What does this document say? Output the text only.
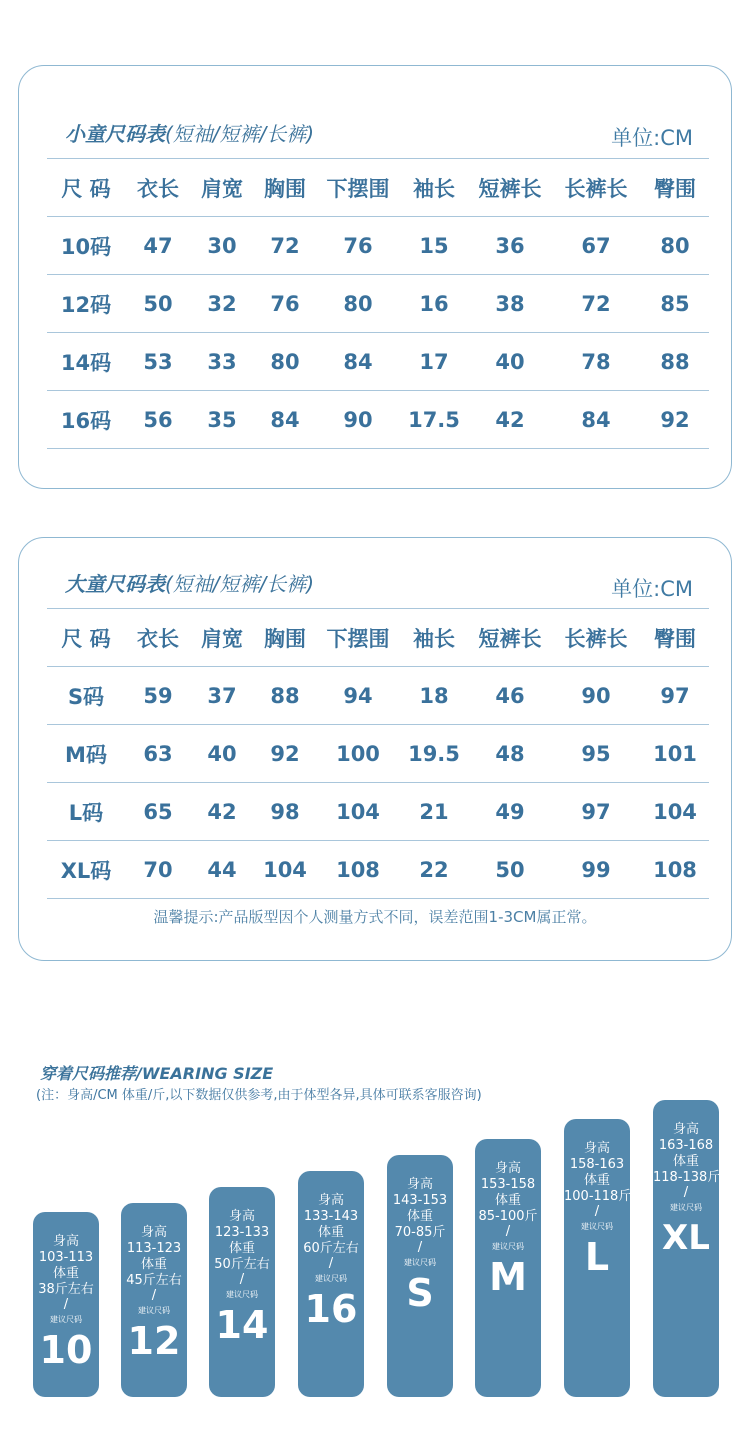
小童尺码表(短袖/短裤/长裤)	单位:CM
尺 码	衣长	肩宽	胸围	下摆围	袖长	短裤长	长裤长	臀围
10码	47	30	72	76	15	36	67	80
12码	50	32	76	80	16	38	72	85
14码	53	33	80	84	17	40	78	88
16码	56	35	84	90	17.5	42	84	92
大童尺码表(短袖/短裤/长裤)	单位:CM
尺 码	衣长	肩宽	胸围	下摆围	袖长	短裤长	长裤长	臀围
S码	59	37	88	94	18	46	90	97
M码	63	40	92	100	19.5	48	95	101
L码	65	42	98	104	21	49	97	104
XL码	70	44	104	108	22	50	99	108
温馨提示:产品版型因个人测量方式不同，误差范围1-3CM属正常。
穿着尺码推荐/WEARING SIZE
(注：身高/CM 体重/斤,以下数据仅供参考,由于体型各异,具体可联系客服咨询)
身高
103-113
体重
38斤左右
/
建议尺码
10
身高
113-123
体重
45斤左右
/
建议尺码
12
身高
123-133
体重
50斤左右
/
建议尺码
14
身高
133-143
体重
60斤左右
/
建议尺码
16
身高
143-153
体重
70-85斤
/
建议尺码
S
身高
153-158
体重
85-100斤
/
建议尺码
M
身高
158-163
体重
100-118斤
/
建议尺码
L
身高
163-168
体重
118-138斤
/
建议尺码
XL
